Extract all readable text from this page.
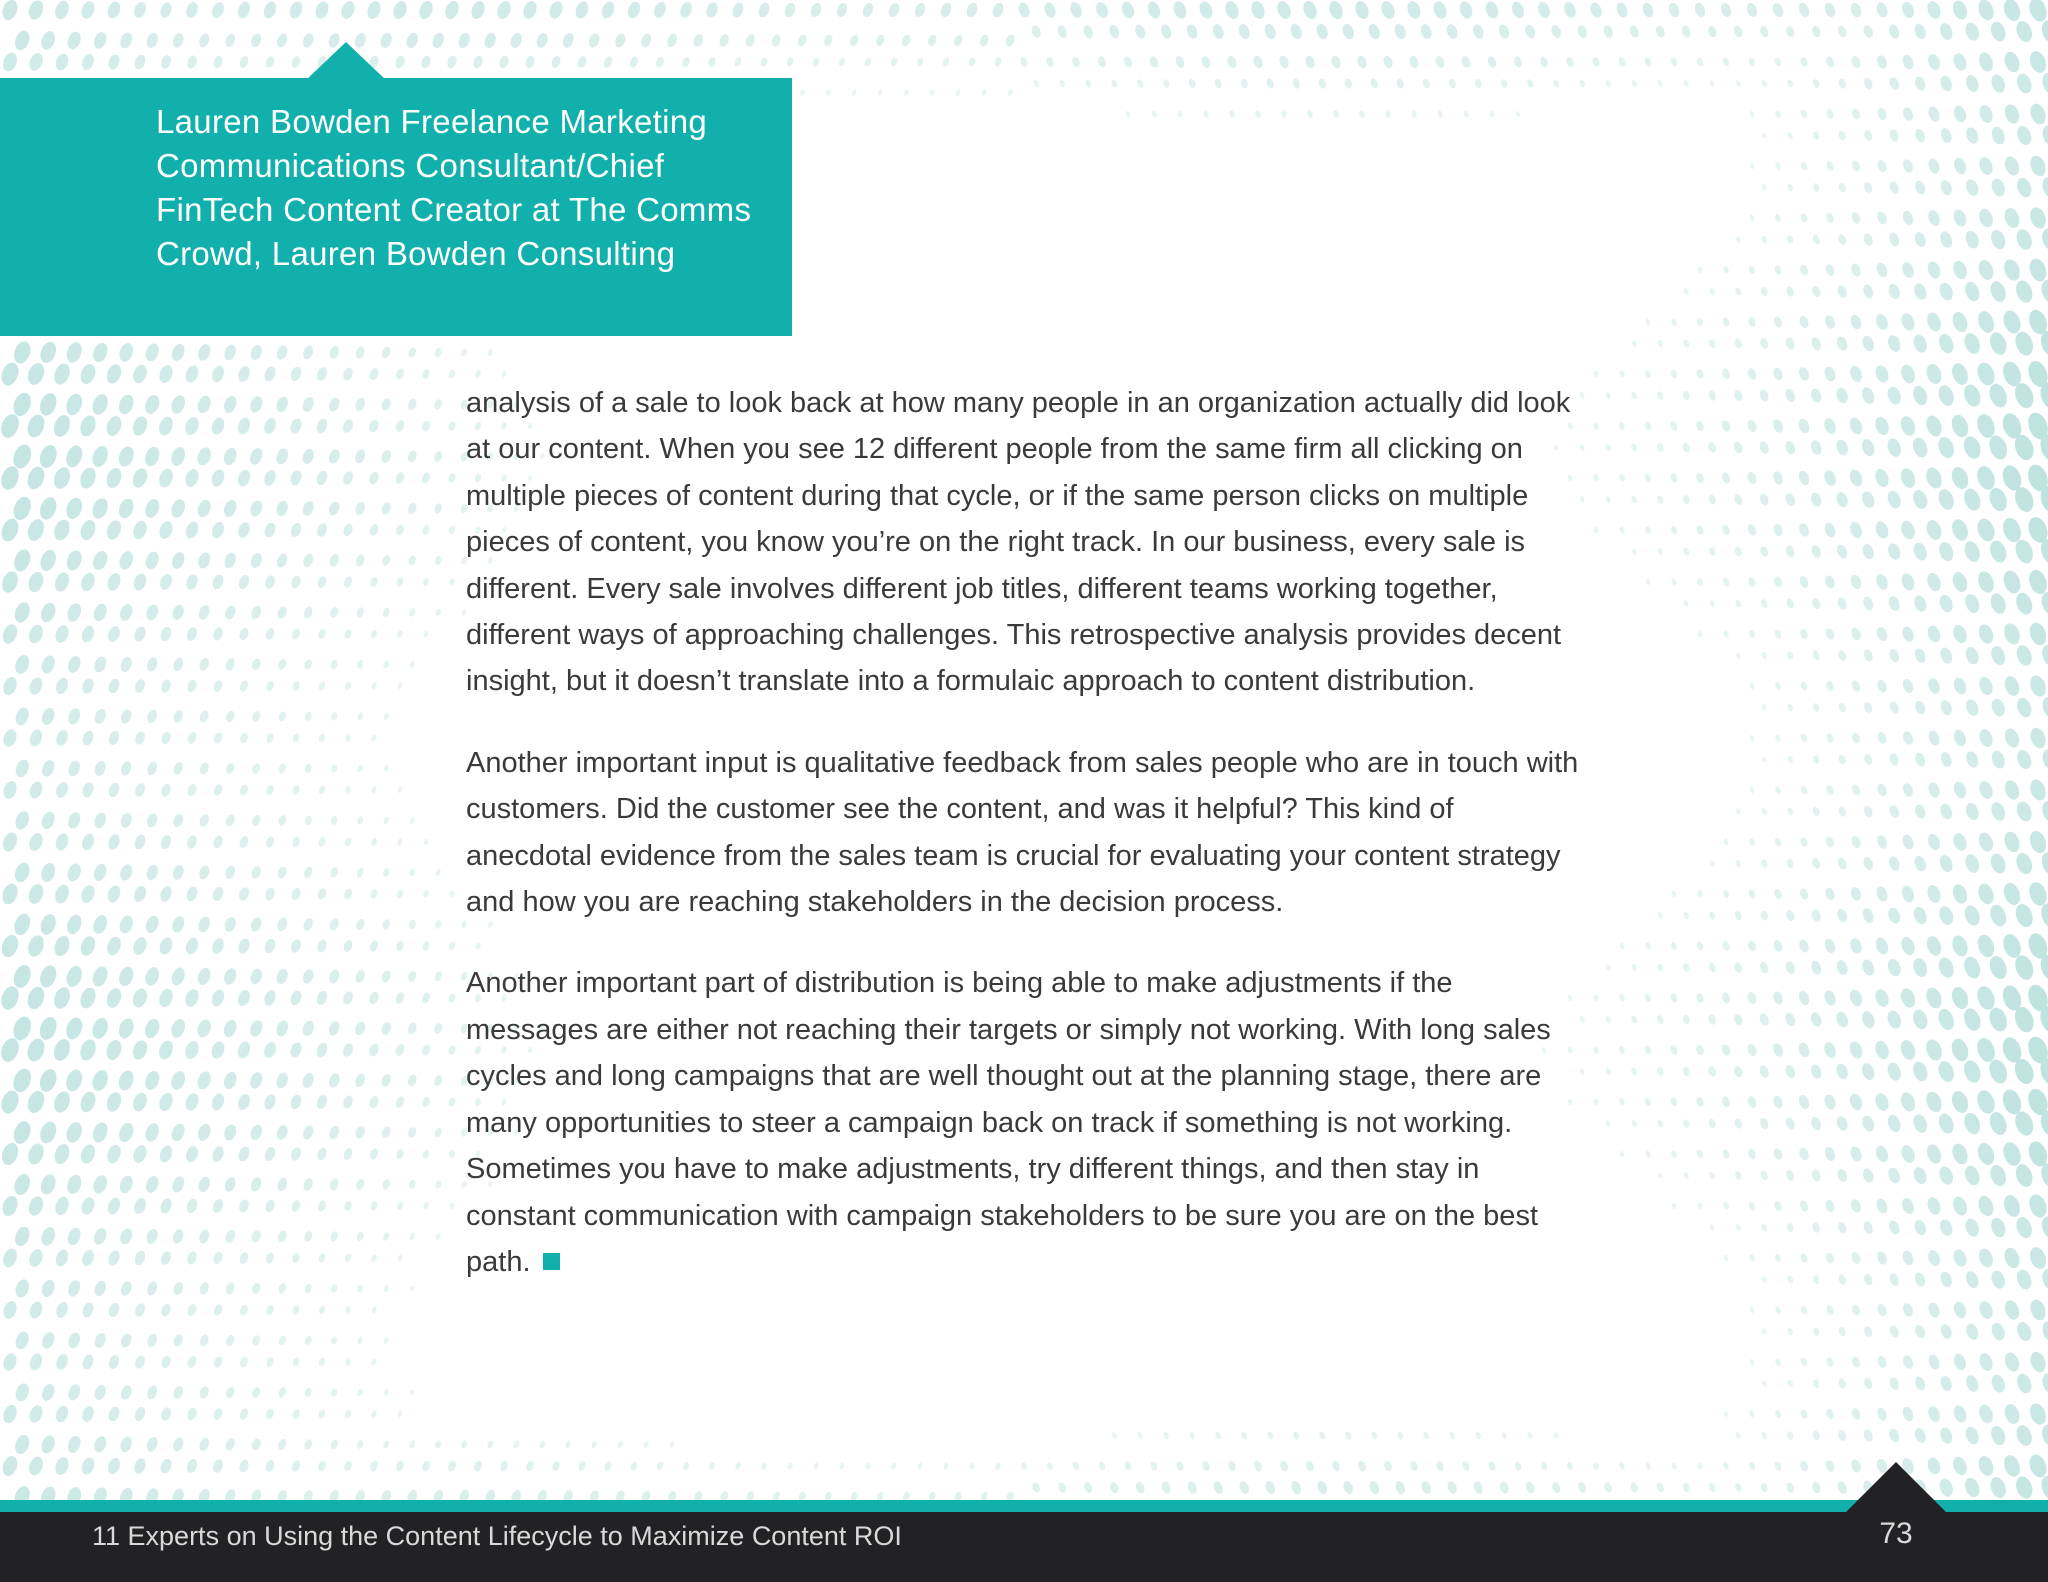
Lauren Bowden Freelance Marketing Communications Consultant/Chief FinTech Content Creator at The Comms Crowd, Lauren Bowden Consulting

analysis of a sale to look back at how many people in an organization actually did look at our content. When you see 12 different people from the same firm all clicking on multiple pieces of content during that cycle, or if the same person clicks on multiple pieces of content, you know you’re on the right track. In our business, every sale is different. Every sale involves different job titles, different teams working together, different ways of approaching challenges. This retrospective analysis provides decent insight, but it doesn’t translate into a formulaic approach to content distribution.

Another important input is qualitative feedback from sales people who are in touch with customers. Did the customer see the content, and was it helpful? This kind of anecdotal evidence from the sales team is crucial for evaluating your content strategy and how you are reaching stakeholders in the decision process.

Another important part of distribution is being able to make adjustments if the messages are either not reaching their targets or simply not working. With long sales cycles and long campaigns that are well thought out at the planning stage, there are many opportunities to steer a campaign back on track if something is not working. Sometimes you have to make adjustments, try different things, and then stay in constant communication with campaign stakeholders to be sure you are on the best path.

11 Experts on Using the Content Lifecycle to Maximize Content ROI	73
